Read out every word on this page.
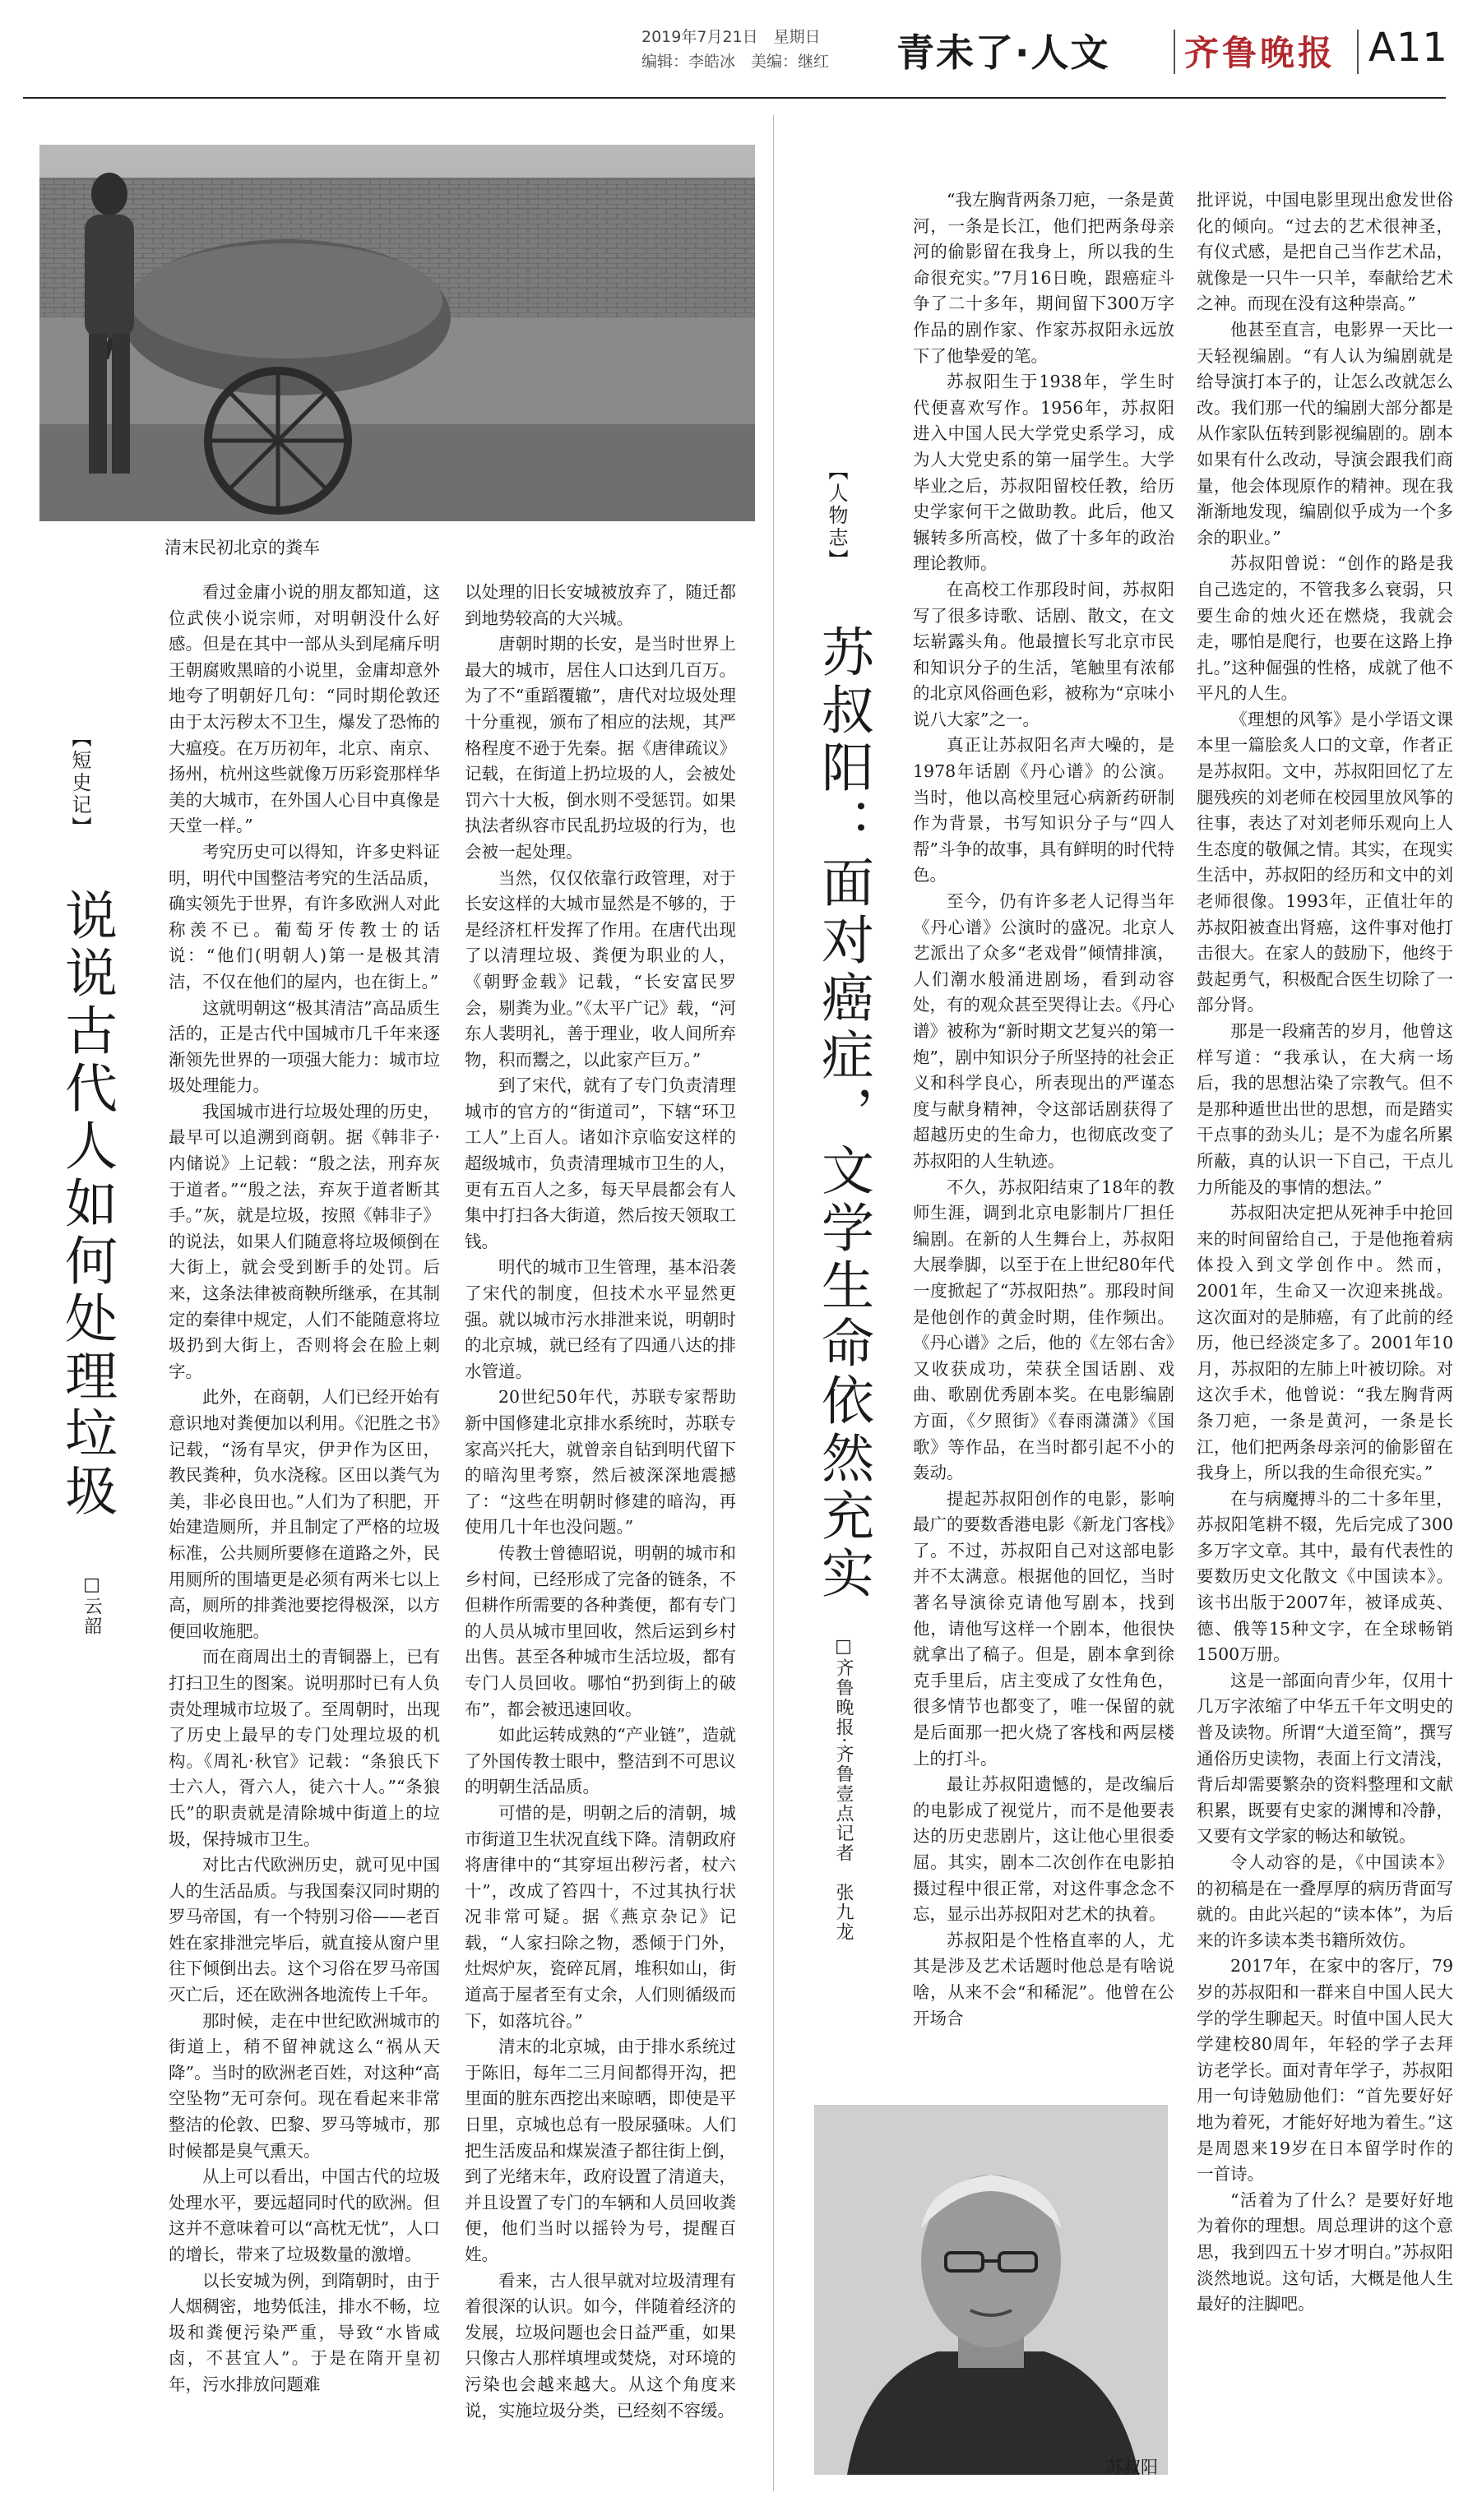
2019年7月21日　星期日
编辑：李皓冰　美编：继红 青未了·人文 齐鲁晚报 A11
清末民初北京的粪车
【短史记】
说说古代人如何处理垃圾
□云韶

看过金庸小说的朋友都知道，这位武侠小说宗师，对明朝没什么好感。但是在其中一部从头到尾痛斥明王朝腐败黑暗的小说里，金庸却意外地夸了明朝好几句：“同时期伦敦还由于太污秽太不卫生，爆发了恐怖的大瘟疫。在万历初年，北京、南京、扬州，杭州这些就像万历彩瓷那样华美的大城市，在外国人心目中真像是天堂一样。”

考究历史可以得知，许多史料证明，明代中国整洁考究的生活品质，确实领先于世界，有许多欧洲人对此称羡不已。葡萄牙传教士的话说：“他们(明朝人)第一是极其清洁，不仅在他们的屋内，也在街上。”

这就明朝这“极其清洁”高品质生活的，正是古代中国城市几千年来逐渐领先世界的一项强大能力：城市垃圾处理能力。

我国城市进行垃圾处理的历史，最早可以追溯到商朝。据《韩非子·内储说》上记载：“殷之法，刑弃灰于道者。”“殷之法，弃灰于道者断其手。”灰，就是垃圾，按照《韩非子》的说法，如果人们随意将垃圾倾倒在大街上，就会受到断手的处罚。后来，这条法律被商鞅所继承，在其制定的秦律中规定，人们不能随意将垃圾扔到大街上，否则将会在脸上刺字。

此外，在商朝，人们已经开始有意识地对粪便加以利用。《汜胜之书》记载，“汤有旱灾，伊尹作为区田，教民粪种，负水浇稼。区田以粪气为美，非必良田也。”人们为了积肥，开始建造厕所，并且制定了严格的垃圾标准，公共厕所要修在道路之外，民用厕所的围墙更是必须有两米七以上高，厕所的排粪池要挖得极深，以方便回收施肥。

而在商周出土的青铜器上，已有打扫卫生的图案。说明那时已有人负责处理城市垃圾了。至周朝时，出现了历史上最早的专门处理垃圾的机构。《周礼·秋官》记载：“条狼氏下士六人，胥六人，徒六十人。”“条狼氏”的职责就是清除城中街道上的垃圾，保持城市卫生。

对比古代欧洲历史，就可见中国人的生活品质。与我国秦汉同时期的罗马帝国，有一个特别习俗——老百姓在家排泄完毕后，就直接从窗户里往下倾倒出去。这个习俗在罗马帝国灭亡后，还在欧洲各地流传上千年。

那时候，走在中世纪欧洲城市的街道上，稍不留神就这么“祸从天降”。当时的欧洲老百姓，对这种“高空坠物”无可奈何。现在看起来非常整洁的伦敦、巴黎、罗马等城市，那时候都是臭气熏天。

从上可以看出，中国古代的垃圾处理水平，要远超同时代的欧洲。但这并不意味着可以“高枕无忧”，人口的增长，带来了垃圾数量的激增。

以长安城为例，到隋朝时，由于人烟稠密，地势低洼，排水不畅，垃圾和粪便污染严重，导致“水皆咸卤，不甚宜人”。于是在隋开皇初年，污水排放问题难

以处理的旧长安城被放弃了，随迁都到地势较高的大兴城。

唐朝时期的长安，是当时世界上最大的城市，居住人口达到几百万。为了不“重蹈覆辙”，唐代对垃圾处理十分重视，颁布了相应的法规，其严格程度不逊于先秦。据《唐律疏议》记载，在街道上扔垃圾的人，会被处罚六十大板，倒水则不受惩罚。如果执法者纵容市民乱扔垃圾的行为，也会被一起处理。

当然，仅仅依靠行政管理，对于长安这样的大城市显然是不够的，于是经济杠杆发挥了作用。在唐代出现了以清理垃圾、粪便为职业的人，《朝野金载》记载，“长安富民罗会，剔粪为业。”《太平广记》载，“河东人裴明礼，善于理业，收人间所弃物，积而鬻之，以此家产巨万。”

到了宋代，就有了专门负责清理城市的官方的“街道司”，下辖“环卫工人”上百人。诸如汴京临安这样的超级城市，负责清理城市卫生的人，更有五百人之多，每天早晨都会有人集中打扫各大街道，然后按天领取工钱。

明代的城市卫生管理，基本沿袭了宋代的制度，但技术水平显然更强。就以城市污水排泄来说，明朝时的北京城，就已经有了四通八达的排水管道。

20世纪50年代，苏联专家帮助新中国修建北京排水系统时，苏联专家高兴托大，就曾亲自钻到明代留下的暗沟里考察，然后被深深地震撼了：“这些在明朝时修建的暗沟，再使用几十年也没问题。”

传教士曾德昭说，明朝的城市和乡村间，已经形成了完备的链条，不但耕作所需要的各种粪便，都有专门的人员从城市里回收，然后运到乡村出售。甚至各种城市生活垃圾，都有专门人员回收。哪怕“扔到街上的破布”，都会被迅速回收。

如此运转成熟的“产业链”，造就了外国传教士眼中，整洁到不可思议的明朝生活品质。

可惜的是，明朝之后的清朝，城市街道卫生状况直线下降。清朝政府将唐律中的“其穿垣出秽污者，杖六十”，改成了笞四十，不过其执行状况非常可疑。据《燕京杂记》记载，“人家扫除之物，悉倾于门外，灶烬炉灰，瓷碎瓦屑，堆积如山，街道高于屋者至有丈余，人们则循级而下，如落坑谷。”

清末的北京城，由于排水系统过于陈旧，每年二三月间都得开沟，把里面的脏东西挖出来晾晒，即使是平日里，京城也总有一股尿骚味。人们把生活废品和煤炭渣子都往街上倒，到了光绪末年，政府设置了清道夫，并且设置了专门的车辆和人员回收粪便，他们当时以摇铃为号，提醒百姓。

看来，古人很早就对垃圾清理有着很深的认识。如今，伴随着经济的发展，垃圾问题也会日益严重，如果只像古人那样填埋或焚烧，对环境的污染也会越来越大。从这个角度来说，实施垃圾分类，已经刻不容缓。

【人物志】
苏叔阳：面对癌症，文学生命依然充实
□齐鲁晚报·齐鲁壹点记者　张九龙

“我左胸背两条刀疤，一条是黄河，一条是长江，他们把两条母亲河的偷影留在我身上，所以我的生命很充实。”7月16日晚，跟癌症斗争了二十多年，期间留下300万字作品的剧作家、作家苏叔阳永远放下了他挚爱的笔。

苏叔阳生于1938年，学生时代便喜欢写作。1956年，苏叔阳进入中国人民大学党史系学习，成为人大党史系的第一届学生。大学毕业之后，苏叔阳留校任教，给历史学家何干之做助教。此后，他又辗转多所高校，做了十多年的政治理论教师。

在高校工作那段时间，苏叔阳写了很多诗歌、话剧、散文，在文坛崭露头角。他最擅长写北京市民和知识分子的生活，笔触里有浓郁的北京风俗画色彩，被称为“京味小说八大家”之一。

真正让苏叔阳名声大噪的，是1978年话剧《丹心谱》的公演。当时，他以高校里冠心病新药研制作为背景，书写知识分子与“四人帮”斗争的故事，具有鲜明的时代特色。

至今，仍有许多老人记得当年《丹心谱》公演时的盛况。北京人艺派出了众多“老戏骨”倾情排演，人们潮水般涌进剧场，看到动容处，有的观众甚至哭得让去。《丹心谱》被称为“新时期文艺复兴的第一炮”，剧中知识分子所坚持的社会正义和科学良心，所表现出的严谨态度与献身精神，令这部话剧获得了超越历史的生命力，也彻底改变了苏叔阳的人生轨迹。

不久，苏叔阳结束了18年的教师生涯，调到北京电影制片厂担任编剧。在新的人生舞台上，苏叔阳大展拳脚，以至于在上世纪80年代一度掀起了“苏叔阳热”。那段时间是他创作的黄金时期，佳作频出。《丹心谱》之后，他的《左邻右舍》又收获成功，荣获全国话剧、戏曲、歌剧优秀剧本奖。在电影编剧方面，《夕照街》《春雨潇潇》《国歌》等作品，在当时都引起不小的轰动。

提起苏叔阳创作的电影，影响最广的要数香港电影《新龙门客栈》了。不过，苏叔阳自己对这部电影并不太满意。根据他的回忆，当时著名导演徐克请他写剧本，找到他，请他写这样一个剧本，他很快就拿出了稿子。但是，剧本拿到徐克手里后，店主变成了女性角色，很多情节也都变了，唯一保留的就是后面那一把火烧了客栈和两层楼上的打斗。

最让苏叔阳遗憾的，是改编后的电影成了视觉片，而不是他要表达的历史悲剧片，这让他心里很委屈。其实，剧本二次创作在电影拍摄过程中很正常，对这件事念念不忘，显示出苏叔阳对艺术的执着。

苏叔阳是个性格直率的人，尤其是涉及艺术话题时他总是有啥说啥，从来不会“和稀泥”。他曾在公开场合

批评说，中国电影里现出愈发世俗化的倾向。“过去的艺术很神圣，有仪式感，是把自己当作艺术品，就像是一只牛一只羊，奉献给艺术之神。而现在没有这种崇高。”

他甚至直言，电影界一天比一天轻视编剧。“有人认为编剧就是给导演打本子的，让怎么改就怎么改。我们那一代的编剧大部分都是从作家队伍转到影视编剧的。剧本如果有什么改动，导演会跟我们商量，他会体现原作的精神。现在我渐渐地发现，编剧似乎成为一个多余的职业。”

苏叔阳曾说：“创作的路是我自己选定的，不管我多么衰弱，只要生命的烛火还在燃烧，我就会走，哪怕是爬行，也要在这路上挣扎。”这种倔强的性格，成就了他不平凡的人生。

《理想的风筝》是小学语文课本里一篇脍炙人口的文章，作者正是苏叔阳。文中，苏叔阳回忆了左腿残疾的刘老师在校园里放风筝的往事，表达了对刘老师乐观向上人生态度的敬佩之情。其实，在现实生活中，苏叔阳的经历和文中的刘老师很像。1993年，正值壮年的苏叔阳被查出肾癌，这件事对他打击很大。在家人的鼓励下，他终于鼓起勇气，积极配合医生切除了一部分肾。

那是一段痛苦的岁月，他曾这样写道：“我承认，在大病一场后，我的思想沾染了宗教气。但不是那种遁世出世的思想，而是踏实干点事的劲头儿；是不为虚名所累所蔽，真的认识一下自己，干点儿力所能及的事情的想法。”

苏叔阳决定把从死神手中抢回来的时间留给自己，于是他拖着病体投入到文学创作中。然而，2001年，生命又一次迎来挑战。这次面对的是肺癌，有了此前的经历，他已经淡定多了。2001年10月，苏叔阳的左肺上叶被切除。对这次手术，他曾说：“我左胸背两条刀疤，一条是黄河，一条是长江，他们把两条母亲河的偷影留在我身上，所以我的生命很充实。”

在与病魔搏斗的二十多年里，苏叔阳笔耕不辍，先后完成了300多万字文章。其中，最有代表性的要数历史文化散文《中国读本》。该书出版于2007年，被译成英、德、俄等15种文字，在全球畅销1500万册。

这是一部面向青少年，仅用十几万字浓缩了中华五千年文明史的普及读物。所谓“大道至简”，撰写通俗历史读物，表面上行文清浅，背后却需要繁杂的资料整理和文献积累，既要有史家的渊博和冷静，又要有文学家的畅达和敏锐。

令人动容的是，《中国读本》的初稿是在一叠厚厚的病历背面写就的。由此兴起的“读本体”，为后来的许多读本类书籍所效仿。

2017年，在家中的客厅，79岁的苏叔阳和一群来自中国人民大学的学生聊起天。时值中国人民大学建校80周年，年轻的学子去拜访老学长。面对青年学子，苏叔阳用一句诗勉励他们：“首先要好好地为着死，才能好好地为着生。”这是周恩来19岁在日本留学时作的一首诗。

“活着为了什么？是要好好地为着你的理想。周总理讲的这个意思，我到四五十岁才明白。”苏叔阳淡然地说。这句话，大概是他人生最好的注脚吧。

苏叔阳
